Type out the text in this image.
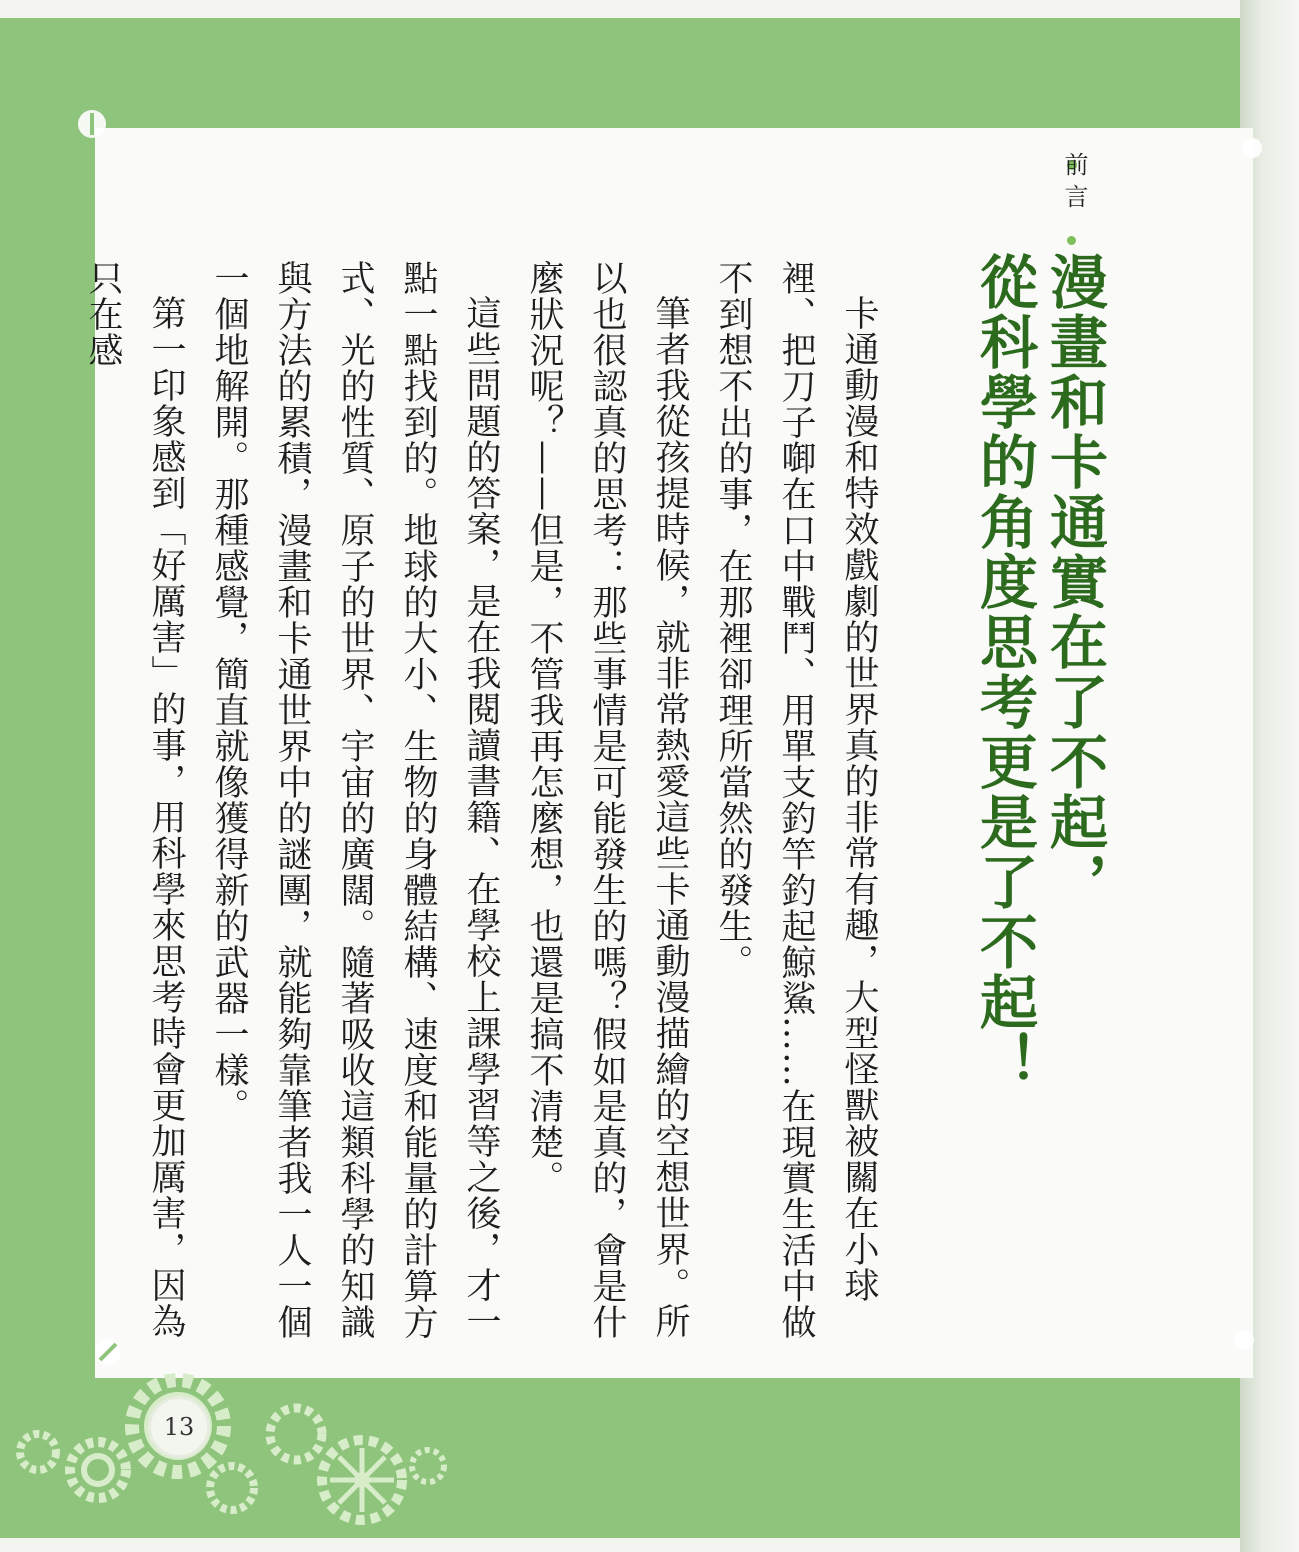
前言
漫畫和卡通實在了不起，
從科學的角度思考更是了不起！

卡通動漫和特效戲劇的世界真的非常有趣，大型怪獸被關在小球裡、把刀子啣在口中戰鬥、用單支釣竿釣起鯨鯊……在現實生活中做不到想不出的事，在那裡卻理所當然的發生。

筆者我從孩提時候，就非常熱愛這些卡通動漫描繪的空想世界。所以也很認真的思考：那些事情是可能發生的嗎？假如是真的，會是什麼狀況呢？——但是，不管我再怎麼想，也還是搞不清楚。

這些問題的答案，是在我閱讀書籍、在學校上課學習等之後，才一點一點找到的。地球的大小、生物的身體結構、速度和能量的計算方式、光的性質、原子的世界、宇宙的廣闊。隨著吸收這類科學的知識與方法的累積，漫畫和卡通世界中的謎團，就能夠靠筆者我一人一個一個地解開。那種感覺，簡直就像獲得新的武器一樣。

第一印象感到「好厲害」的事，用科學來思考時會更加厲害，因為只在感

13
